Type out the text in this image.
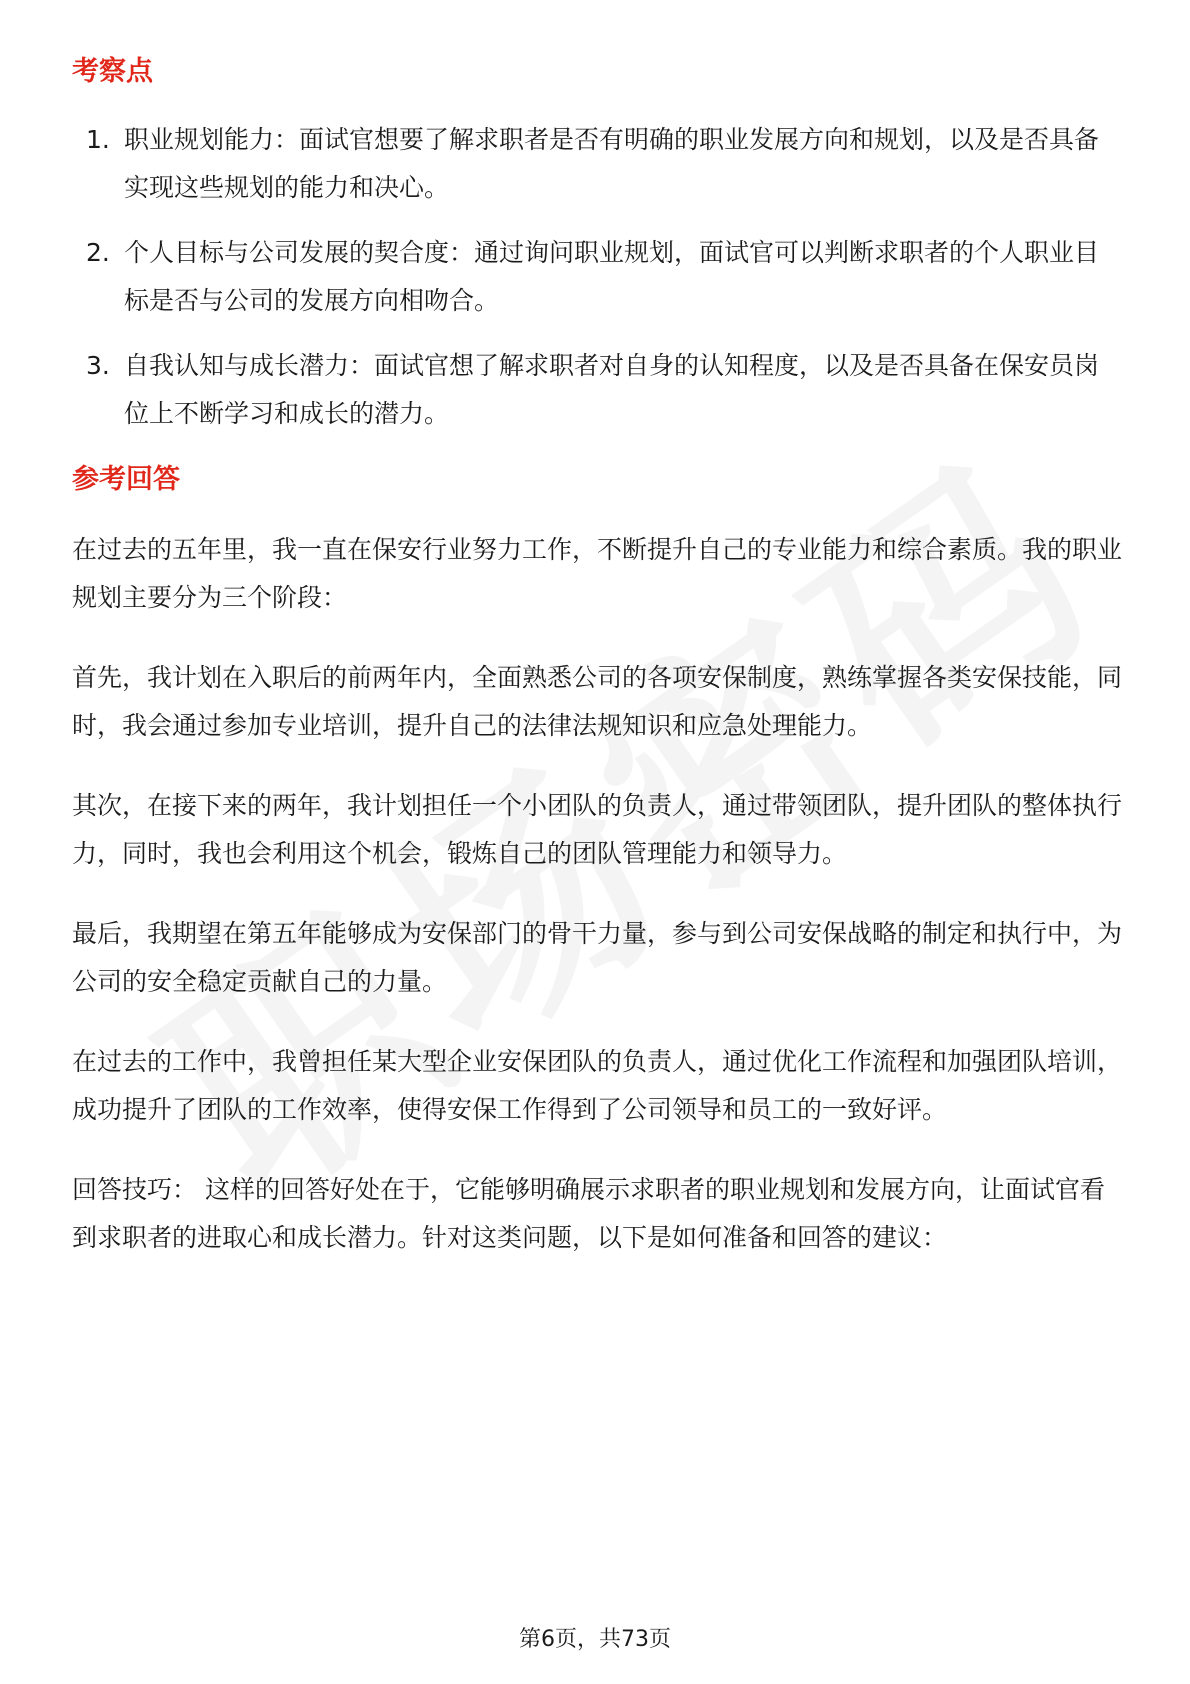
考察点
1. 职业规划能力：面试官想要了解求职者是否有明确的职业发展方向和规划，以及是否具备实现这些规划的能力和决心。
2. 个人目标与公司发展的契合度：通过询问职业规划，面试官可以判断求职者的个人职业目标是否与公司的发展方向相吻合。
3. 自我认知与成长潜力：面试官想了解求职者对自身的认知程度，以及是否具备在保安员岗位上不断学习和成长的潜力。
参考回答

在过去的五年里，我一直在保安行业努力工作，不断提升自己的专业能力和综合素质。我的职业规划主要分为三个阶段：

首先，我计划在入职后的前两年内，全面熟悉公司的各项安保制度，熟练掌握各类安保技能，同时，我会通过参加专业培训，提升自己的法律法规知识和应急处理能力。

其次，在接下来的两年，我计划担任一个小团队的负责人，通过带领团队，提升团队的整体执行力，同时，我也会利用这个机会，锻炼自己的团队管理能力和领导力。

最后，我期望在第五年能够成为安保部门的骨干力量，参与到公司安保战略的制定和执行中，为公司的安全稳定贡献自己的力量。

在过去的工作中，我曾担任某大型企业安保团队的负责人，通过优化工作流程和加强团队培训，成功提升了团队的工作效率，使得安保工作得到了公司领导和员工的一致好评。

回答技巧： 这样的回答好处在于，它能够明确展示求职者的职业规划和发展方向，让面试官看到求职者的进取心和成长潜力。针对这类问题，以下是如何准备和回答的建议：

第6页，共73页
